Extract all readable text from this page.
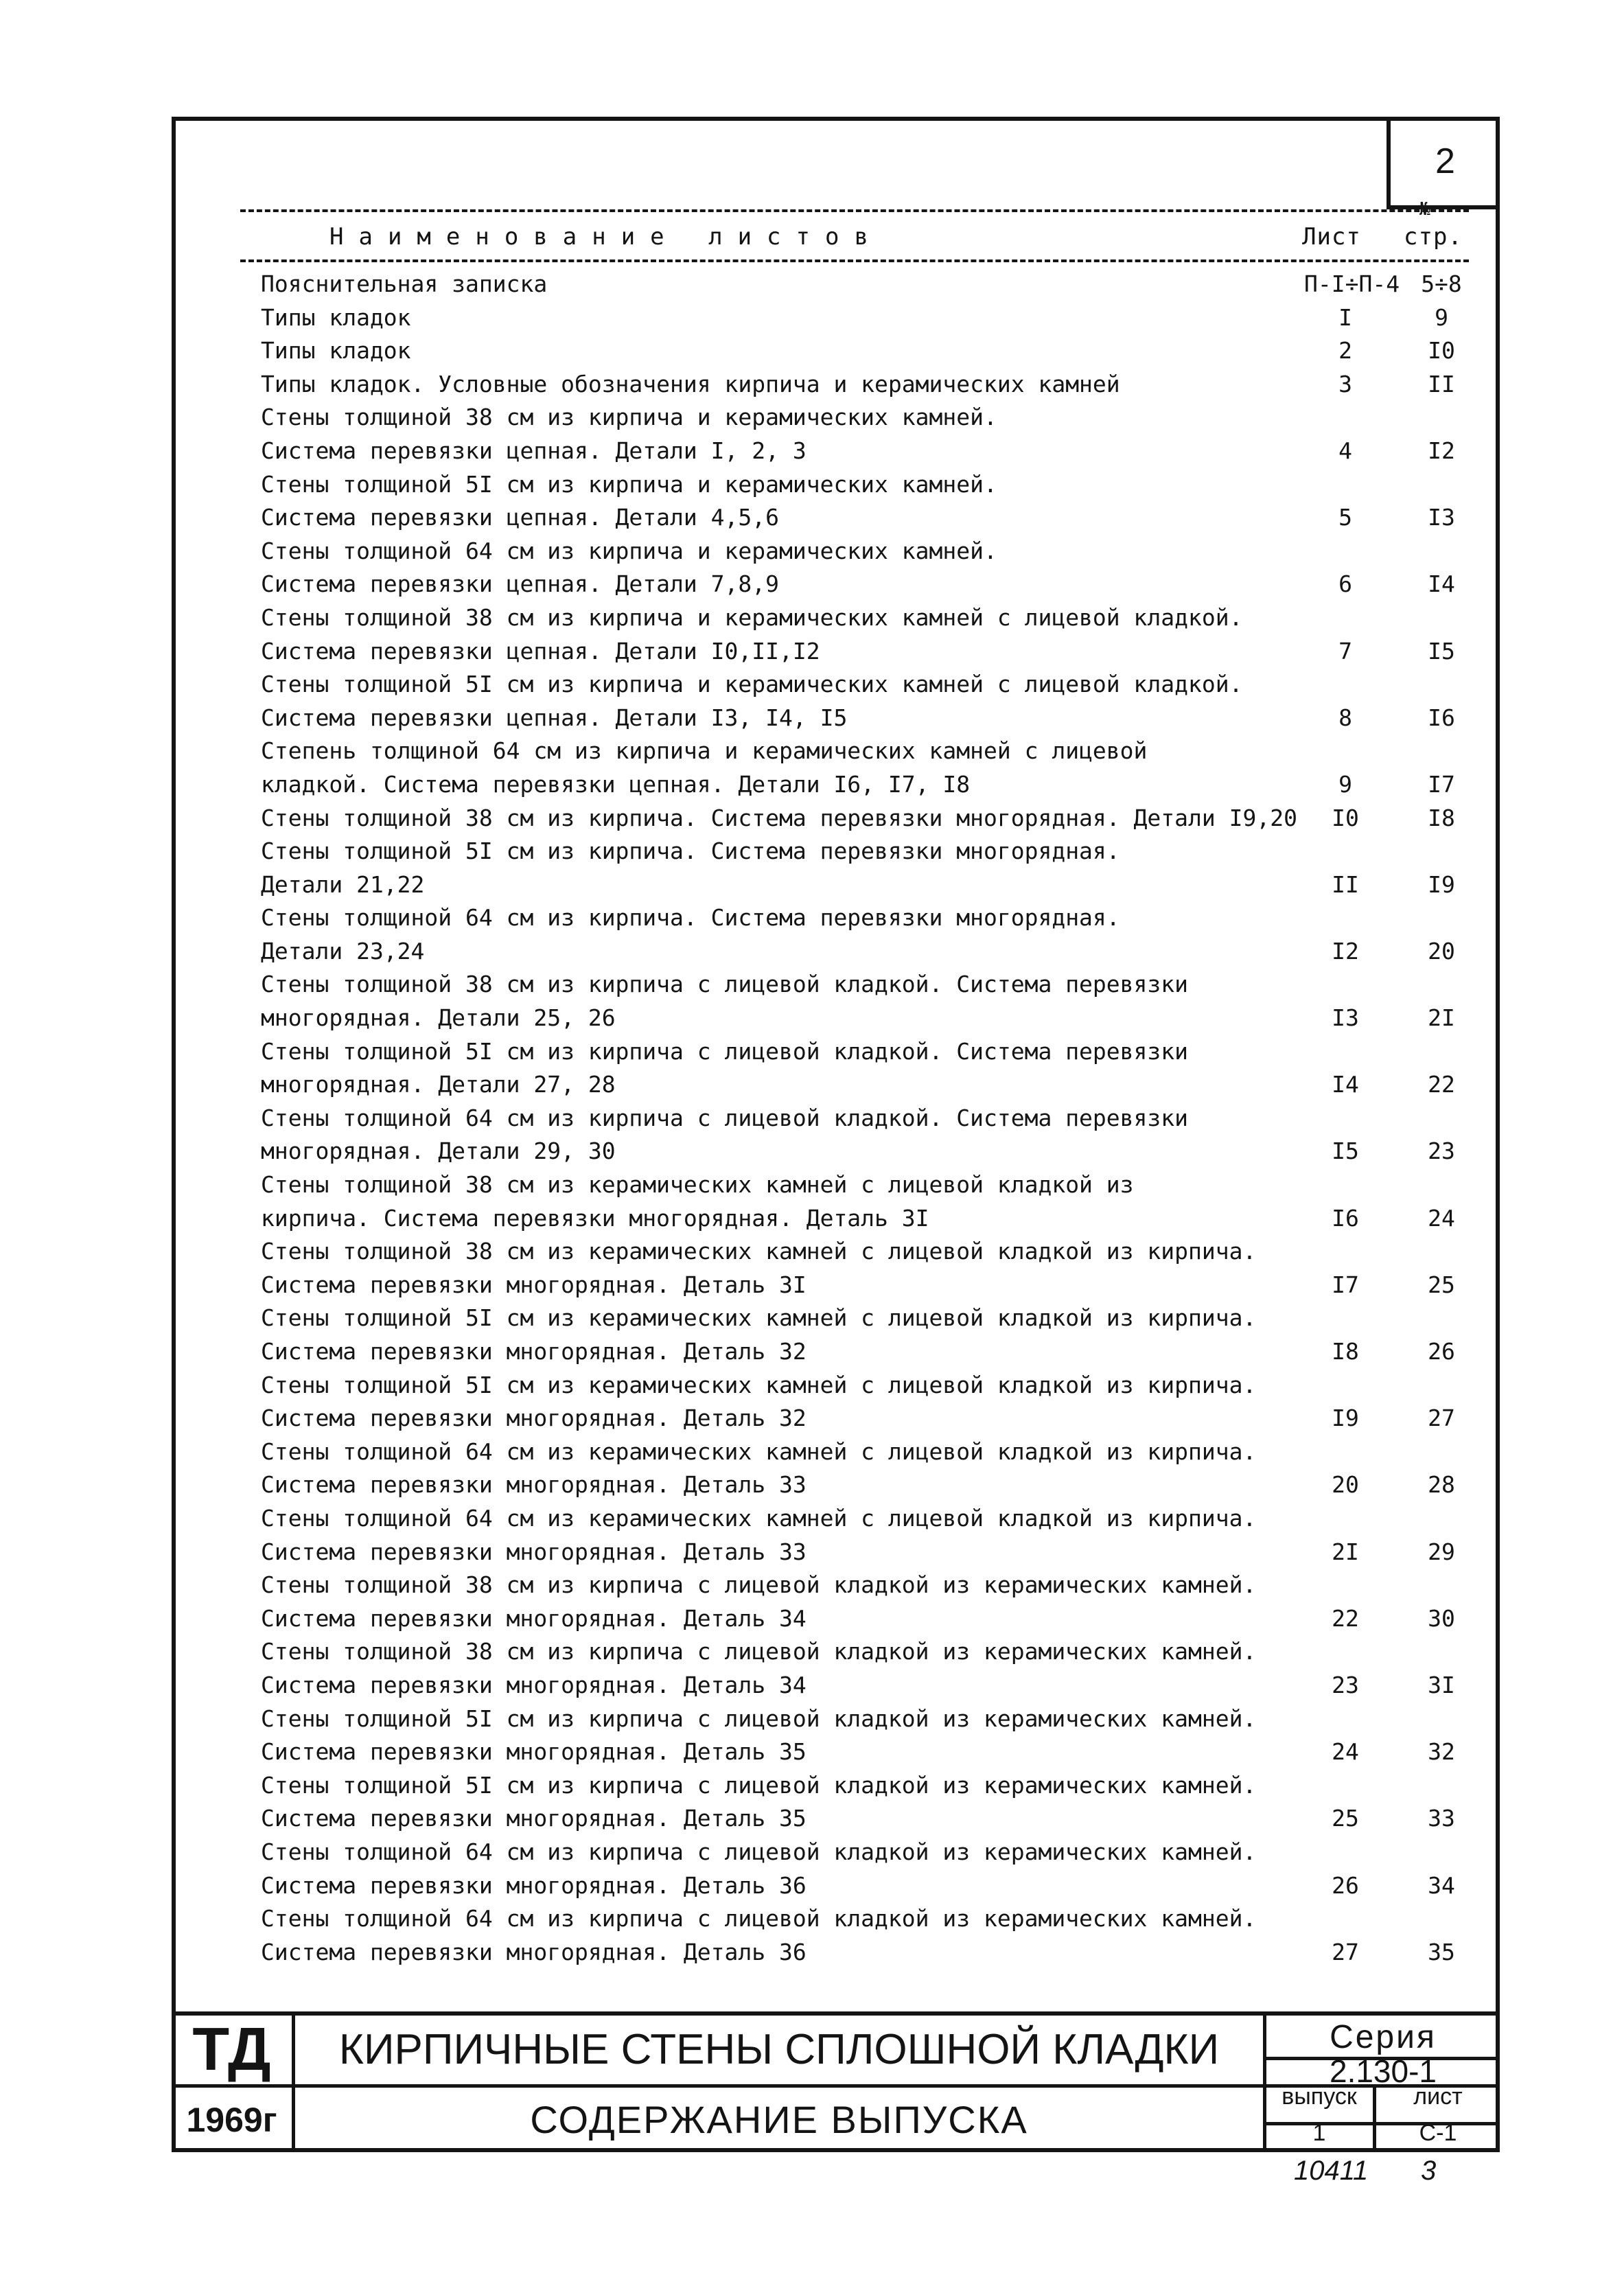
2
№
Наименование листов	Лист стр.
Пояснительная записка	П-I÷П-4 5÷8
Типы кладок	I	9
Типы кладок	2	I0
Типы кладок. Условные обозначения кирпича и керамических камней	3	II
Стены толщиной 38 см из кирпича и керамических камней.
Система перевязки цепная. Детали I, 2, 3	4	I2
Стены толщиной 5I см из кирпича и керамических камней.
Система перевязки цепная. Детали 4,5,6	5	I3
Стены толщиной 64 см из кирпича и керамических камней.
Система перевязки цепная. Детали 7,8,9	6	I4
Стены толщиной 38 см из кирпича и керамических камней с лицевой кладкой.
Система перевязки цепная. Детали I0,II,I2	7	I5
Стены толщиной 5I см из кирпича и керамических камней с лицевой кладкой.
Система перевязки цепная. Детали I3, I4, I5	8	I6
Степень толщиной 64 см из кирпича и керамических камней с лицевой
кладкой. Система перевязки цепная. Детали I6, I7, I8	9	I7
Стены толщиной 38 см из кирпича. Система перевязки многорядная. Детали I9,20	I0	I8
Стены толщиной 5I см из кирпича. Система перевязки многорядная.
Детали 21,22	II	I9
Стены толщиной 64 см из кирпича. Система перевязки многорядная.
Детали 23,24	I2	20
Стены толщиной 38 см из кирпича с лицевой кладкой. Система перевязки
многорядная. Детали 25, 26	I3	2I
Стены толщиной 5I см из кирпича с лицевой кладкой. Система перевязки
многорядная. Детали 27, 28	I4	22
Стены толщиной 64 см из кирпича с лицевой кладкой. Система перевязки
многорядная. Детали 29, 30	I5	23
Стены толщиной 38 см из керамических камней с лицевой кладкой из
кирпича. Система перевязки многорядная. Деталь 3I	I6	24
Стены толщиной 38 см из керамических камней с лицевой кладкой из кирпича.
Система перевязки многорядная. Деталь 3I	I7	25
Стены толщиной 5I см из керамических камней с лицевой кладкой из кирпича.
Система перевязки многорядная. Деталь 32	I8	26
Стены толщиной 5I см из керамических камней с лицевой кладкой из кирпича.
Система перевязки многорядная. Деталь 32	I9	27
Стены толщиной 64 см из керамических камней с лицевой кладкой из кирпича.
Система перевязки многорядная. Деталь 33	20	28
Стены толщиной 64 см из керамических камней с лицевой кладкой из кирпича.
Система перевязки многорядная. Деталь 33	2I	29
Стены толщиной 38 см из кирпича с лицевой кладкой из керамических камней.
Система перевязки многорядная. Деталь 34	22	30
Стены толщиной 38 см из кирпича с лицевой кладкой из керамических камней.
Система перевязки многорядная. Деталь 34	23	3I
Стены толщиной 5I см из кирпича с лицевой кладкой из керамических камней.
Система перевязки многорядная. Деталь 35	24	32
Стены толщиной 5I см из кирпича с лицевой кладкой из керамических камней.
Система перевязки многорядная. Деталь 35	25	33
Стены толщиной 64 см из кирпича с лицевой кладкой из керамических камней.
Система перевязки многорядная. Деталь 36	26	34
Стены толщиной 64 см из кирпича с лицевой кладкой из керамических камней.
Система перевязки многорядная. Деталь 36	27	35
ТД
1969г
КИРПИЧНЫЕ СТЕНЫ СПЛОШНОЙ КЛАДКИ
СОДЕРЖАНИЕ ВЫПУСКА
Серия
2.130-1
выпуск
1
лист
С-1
10411 3
